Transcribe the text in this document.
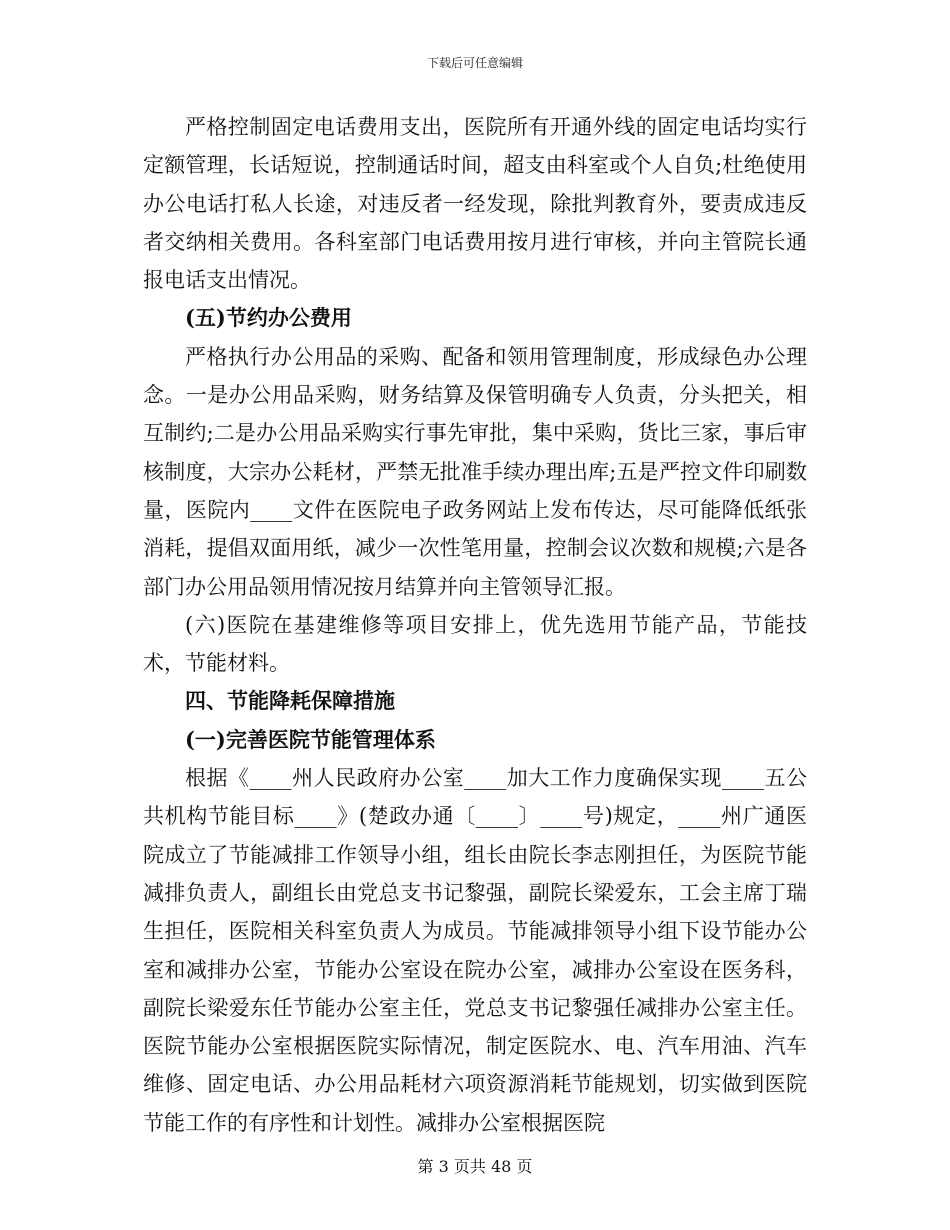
下载后可任意编辑

严格控制固定电话费用支出，医院所有开通外线的固定电话均实行定额管理，长话短说，控制通话时间，超支由科室或个人自负;杜绝使用办公电话打私人长途，对违反者一经发现，除批判教育外，要责成违反者交纳相关费用。各科室部门电话费用按月进行审核，并向主管院长通报电话支出情况。

(五)节约办公费用

严格执行办公用品的采购、配备和领用管理制度，形成绿色办公理念。一是办公用品采购，财务结算及保管明确专人负责，分头把关，相互制约;二是办公用品采购实行事先审批，集中采购，货比三家，事后审核制度，大宗办公耗材，严禁无批准手续办理出库;五是严控文件印刷数量，医院内____文件在医院电子政务网站上发布传达，尽可能降低纸张消耗，提倡双面用纸，减少一次性笔用量，控制会议次数和规模;六是各部门办公用品领用情况按月结算并向主管领导汇报。

(六)医院在基建维修等项目安排上，优先选用节能产品，节能技术，节能材料。

四、节能降耗保障措施

(一)完善医院节能管理体系

根据《____州人民政府办公室____加大工作力度确保实现____五公共机构节能目标____》(楚政办通〔____〕____号)规定，____州广通医院成立了节能减排工作领导小组，组长由院长李志刚担任，为医院节能减排负责人，副组长由党总支书记黎强，副院长梁爱东，工会主席丁瑞生担任，医院相关科室负责人为成员。节能减排领导小组下设节能办公室和减排办公室，节能办公室设在院办公室，减排办公室设在医务科，副院长梁爱东任节能办公室主任，党总支书记黎强任减排办公室主任。医院节能办公室根据医院实际情况，制定医院水、电、汽车用油、汽车维修、固定电话、办公用品耗材六项资源消耗节能规划，切实做到医院节能工作的有序性和计划性。减排办公室根据医院

第 3 页共 48 页
